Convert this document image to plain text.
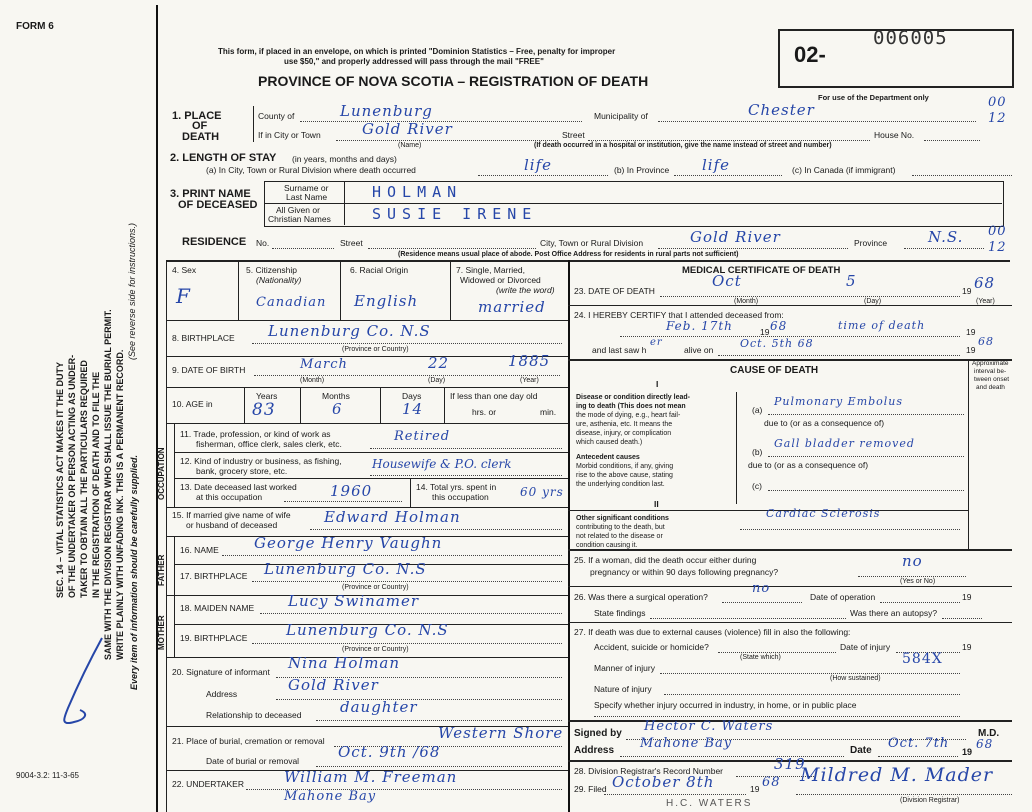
FORM 6
02-
006005
This form, if placed in an envelope, on which is printed "Dominion Statistics – Free, penalty for improper
use $50," and properly addressed will pass through the mail "FREE"
PROVINCE OF NOVA SCOTIA – REGISTRATION OF DEATH
For use of the Department only
SEC. 14 – VITAL STATISTICS ACT MAKES IT THE DUTY OF THE UNDERTAKER OR PERSON ACTING AS UNDER- TAKER TO OBTAIN ALL THE PARTICULARS REQUIRED IN THE REGISTRATION OF DEATH AND TO FILE THE SAME WITH THE DIVISION REGISTRAR WHO SHALL ISSUE THE BURIAL PERMIT. WRITE PLAINLY WITH UNFADING INK. THIS IS A PERMANENT RECORD.
(See reverse side for instructions.)
Every item of information should be carefully supplied.
9004-3.2: 11-3-65
1. PLACE
OF
DEATH
County of	Lunenburg	Municipality of	Chester	00
12
If in City or Town	Gold River	Street	House No.
(Name)	(If death occurred in a hospital or institution, give the name instead of street and number)
2. LENGTH OF STAY (in years, months and days)
(a) In City, Town or Rural Division where death occurred	life	(b) In Province life	(c) In Canada (if immigrant)
3. PRINT NAME
OF DECEASED
Surname or
Last Name
All Given or
Christian Names
HOLMAN
SUSIE IRENE
RESIDENCE No.	Street	City, Town or Rural Division	Gold River	Province	N.S. 00
12
(Residence means usual place of abode. Post Office Address for residents in rural parts not sufficient)
4. Sex	5. Citizenship
(Nationality)
6. Racial Origin	7. Single, Married,
Widowed or Divorced
(write the word)
F	Canadian English	married
8. BIRTHPLACE Lunenburg Co. N.S
(Province or Country)
9. DATE OF BIRTH	March	22	1885
(Month)	(Day)	(Year)
10. AGE in
Years	Months	Days
83	6	14
If less than one day old
hrs. or	min.
OCCUPATION
11. Trade, profession, or kind of work as
fisherman, office clerk, sales clerk, etc.	Retired
12. Kind of industry or business, as fishing,
bank, grocery store, etc.	Housewife & P.O. clerk
13. Date deceased last worked
at this occupation	1960	14. Total yrs. spent in
this occupation	60 yrs
15. If married give name of wife
or husband of deceased	Edward Holman
FATHER
16. NAME George Henry Vaughn
17. BIRTHPLACE Lunenburg Co. N.S
(Province or Country)
MOTHER
18. MAIDEN NAME Lucy Swinamer
19. BIRTHPLACE	Lunenburg Co. N.S
(Province or Country)
20. Signature of informant Nina Holman
Address	Gold River
Relationship to deceased	daughter
21. Place of burial, cremation or removal	Western Shore
Date of burial or removal	Oct. 9th /68
22. UNDERTAKER	William M. Freeman
Mahone Bay
MEDICAL CERTIFICATE OF DEATH
23. DATE OF DEATH
Oct	5
19 68
(Month)	(Day)	(Year)
24. I HEREBY CERTIFY that I attended deceased from:
Feb. 17th	19 68	time of death	19
and last saw h
er
alive on Oct. 5th 68	19
68
CAUSE OF DEATH
Approximate
interval be-
tween onset
and death
I
Disease or condition directly lead-
ing to death (This does not mean
the mode of dying, e.g., heart fail-
ure, asthenia, etc. It means the
disease, injury, or complication
which caused death.)
(a)
Pulmonary Embolus
due to (or as a consequence of)
Antecedent causes
Morbid conditions, if any, giving
rise to the above cause, stating
the underlying condition last.
(b)
Gall bladder removed
due to (or as a consequence of)
(c)
II
Other significant conditions
contributing to the death, but
not related to the disease or
condition causing it.
Cardiac Sclerosis
25. If a woman, did the death occur either during
pregnancy or within 90 days following pregnancy?
no
(Yes or No)
26. Was there a surgical operation?
no
Date of operation	19
State findings	Was there an autopsy?
27. If death was due to external causes (violence) fill in also the following:
Accident, suicide or homicide?
(State which)
Date of injury	19
584X
Manner of injury
(How sustained)
Nature of injury
Specify whether injury occurred in industry, in home, or in public place
Signed by Hector C. Waters	M.D.
Address Mahone Bay	Date Oct. 7th
19
68
28. Division Registrar's Record Number	319
29. Filed October 8th	19 68 Mildred M. Mader
(Division Registrar)
H.C. WATERS
